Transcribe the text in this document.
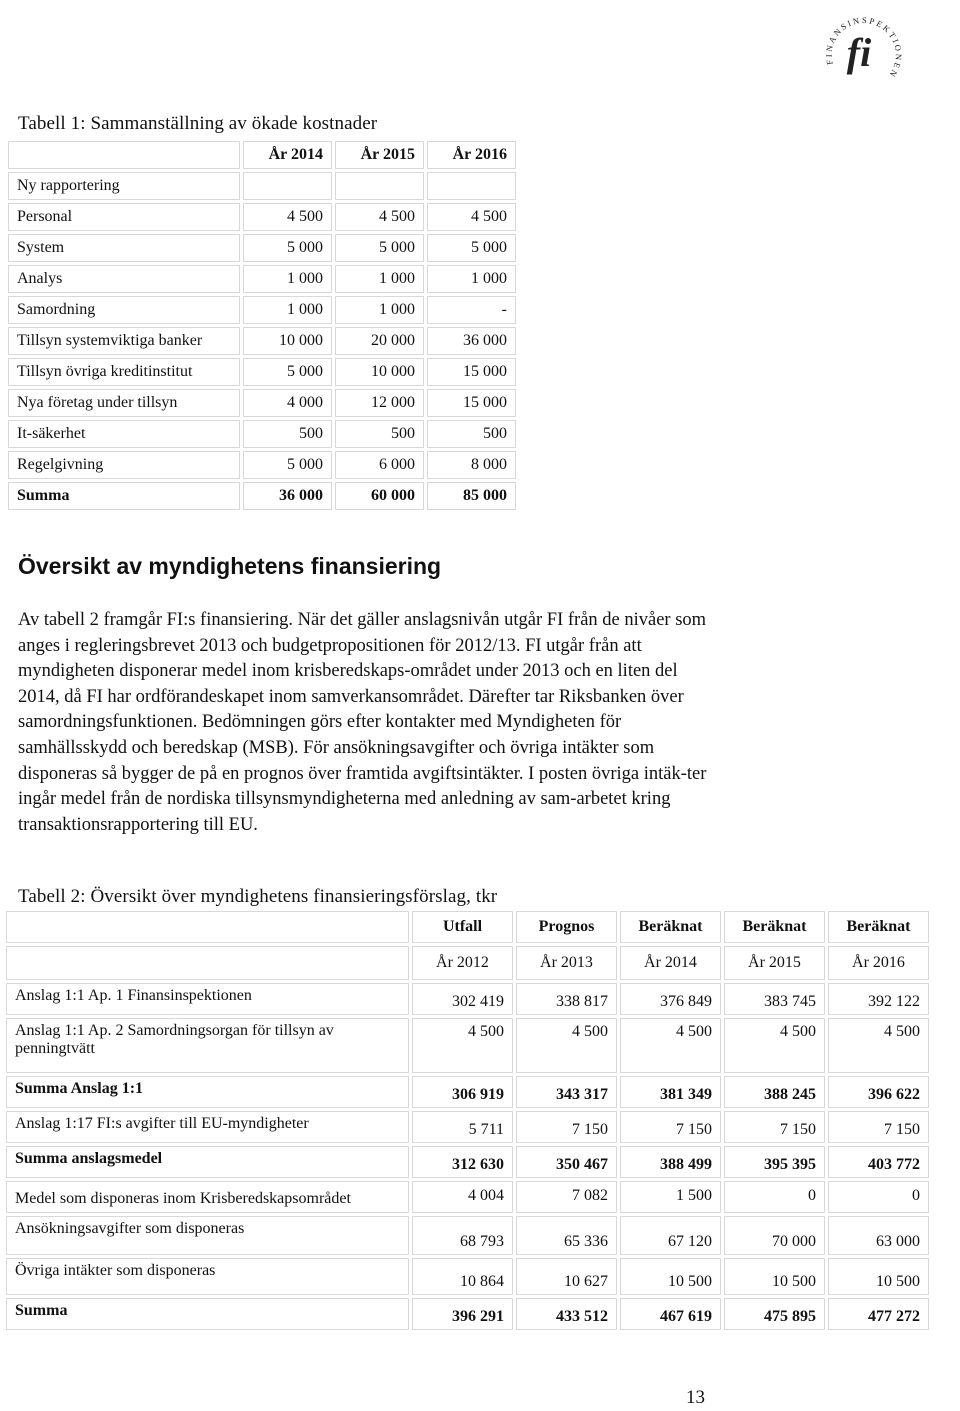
FINANSINSPEKTIONEN
fi
Tabell 1: Sammanställning av ökade kostnader
	År 2014	År 2015	År 2016
Ny rapportering			
Personal	4 500	4 500	4 500
System	5 000	5 000	5 000
Analys	1 000	1 000	1 000
Samordning	1 000	1 000	-
Tillsyn systemviktiga banker	10 000	20 000	36 000
Tillsyn övriga kreditinstitut	5 000	10 000	15 000
Nya företag under tillsyn	4 000	12 000	15 000
It-säkerhet	500	500	500
Regelgivning	5 000	6 000	8 000
Summa	36 000	60 000	85 000
Översikt av myndighetens finansiering

Av tabell 2 framgår FI:s finansiering. När det gäller anslagsnivån utgår FI från de nivåer som anges i regleringsbrevet 2013 och budgetpropositionen för 2012/13. FI utgår från att myndigheten disponerar medel inom krisberedskaps-området under 2013 och en liten del 2014, då FI har ordförandeskapet inom samverkansområdet. Därefter tar Riksbanken över samordningsfunktionen. Bedömningen görs efter kontakter med Myndigheten för samhällsskydd och beredskap (MSB). För ansökningsavgifter och övriga intäkter som disponeras så bygger de på en prognos över framtida avgiftsintäkter. I posten övriga intäk-ter ingår medel från de nordiska tillsynsmyndigheterna med anledning av sam-arbetet kring transaktionsrapportering till EU.

Tabell 2: Översikt över myndighetens finansieringsförslag, tkr
	Utfall	Prognos	Beräknat	Beräknat	Beräknat
	År 2012	År 2013	År 2014	År 2015	År 2016
Anslag 1:1 Ap. 1 Finansinspektionen	302 419	338 817	376 849	383 745	392 122
Anslag 1:1 Ap. 2 Samordningsorgan för tillsyn av penningtvätt	4 500	4 500	4 500	4 500	4 500
Summa Anslag 1:1	306 919	343 317	381 349	388 245	396 622
Anslag 1:17 FI:s avgifter till EU-myndigheter	5 711	7 150	7 150	7 150	7 150
Summa anslagsmedel	312 630	350 467	388 499	395 395	403 772
Medel som disponeras inom Krisberedskapsområdet	4 004	7 082	1 500	0	0
Ansökningsavgifter som disponeras	68 793	65 336	67 120	70 000	63 000
Övriga intäkter som disponeras	10 864	10 627	10 500	10 500	10 500
Summa	396 291	433 512	467 619	475 895	477 272

13
